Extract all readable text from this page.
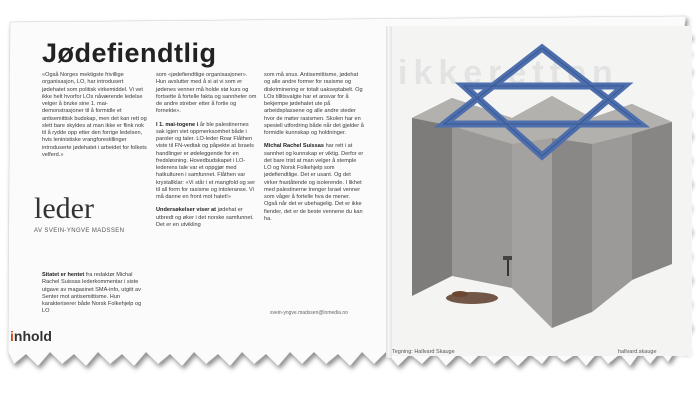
Jødefiendtlig

«Også Norges mektigste frivillige organisasjon, LO, har introdusert jødehatet som politisk virkemiddel. Vi vet ikke helt hvorfor LOs nåværende ledelse velger å bruke sine 1. mai-demonstrasjoner til å formidle et antisemittisk budskap, men det kan rett og slett bare skyldes at man ikke er flink nok til å rydde opp etter den forrige ledelsen, hvis leninistiske vrangforestillinger introduserte jødehatet i arbeidet for folkets velferd.»

leder
AV SVEIN-YNGVE MADSSEN

Sitatet er hentet fra redaktør Michal Rachel Suissas lederkommentar i siste utgave av magasinet SMA-info, utgitt av Senter mot antisemittisme. Hun karakteriserer både Norsk Folkehjelp og LO

som «jødefiendtlige organisasjoner». Hun avslutter med å si at vi som er jødenes venner må holde stø kurs og fortsette å fortelle fakta og sannheter om de andre streber etter å fortie og fornekte».

I 1. mai-togene i år ble palestinernes sak igjen viet oppmerksomhet både i paroler og taler. LO-leder Roar Flåthen viste til FN-vedtak og påpekte at Israels handlinger er ødeleggende for en fredsløsning. Hovedbudskapet i LO-lederens tale var et oppgjør med hatkulturen i samfunnet. Flåthen var krystallklar: «Vi står i et mangfold og ser til all form for rasisme og intoleranse. Vi må danne en front mot hatet!»

Undersøkelser viser at jødehat er utbredt og øker i det norske samfunnet. Det er en utvikling

som må snus. Antisemittisme, jødehat og alle andre former for rasisme og diskriminering er totalt uakseptabelt. Og LOs tillitsvalgte har et ansvar for å bekjempe jødehatet ute på arbeidsplassene og alle andre steder hvor de møter rasismen. Skolen har en spesiell utfordring både når det gjelder å formidle kunnskap og holdninger.

Michal Rachel Suissas har rett i at sannhet og kunnskap er viktig. Derfor er det bare trist at man velger å stemple LO og Norsk Folkehjelp som jødefiendtlige. Det er usant. Og det virker fraståtende og isolerende. I likhet med palestinerne trenger Israel venner som våger å fortelle hva de mener. Også når det er ubehagelig. Det er ikke fiender, det er de beste vennene du kan ha.

svein-yngve.madssen@lomedia.no
inhold
ikkeretten
Tegning: Hallvard Skauge	hallvard.skauge
